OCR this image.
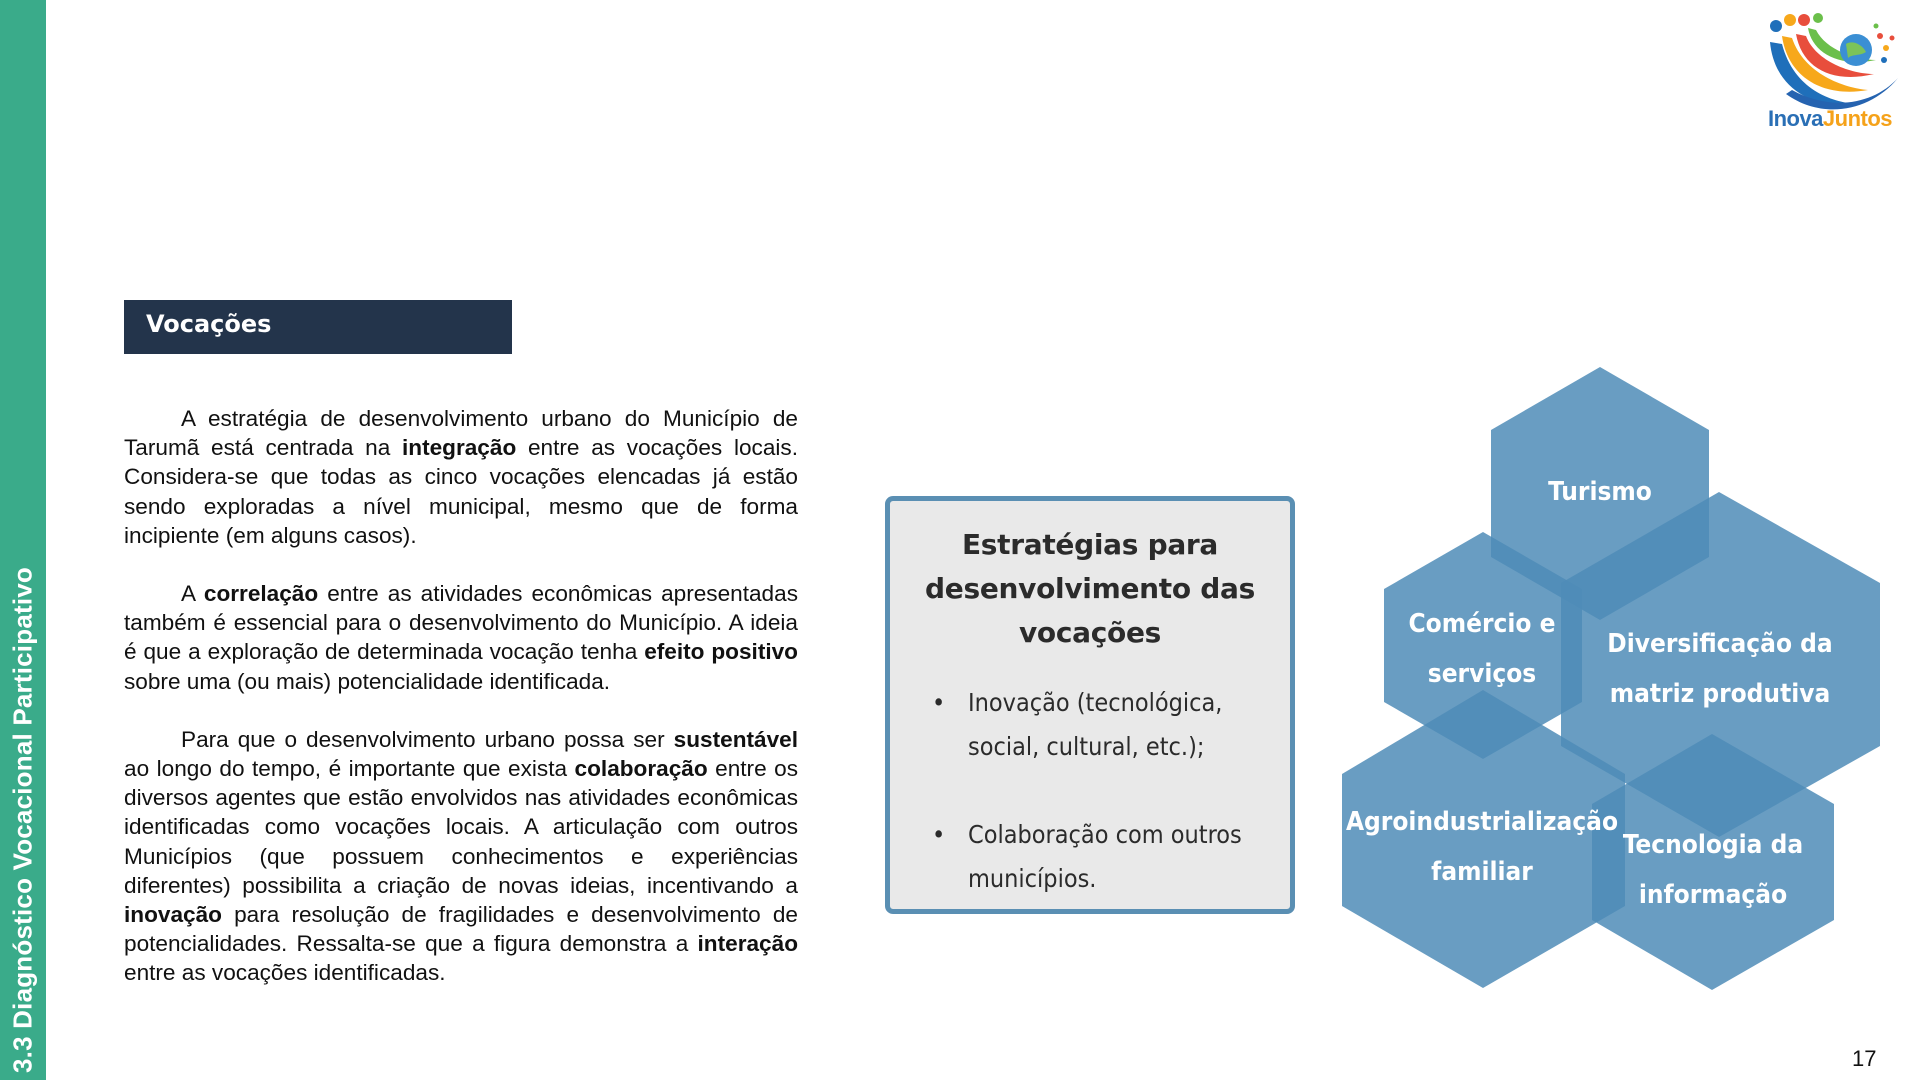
3.3 Diagnóstico Vocacional Participativo
InovaJuntos
Vocações

A estratégia de desenvolvimento urbano do Município de Tarumã está centrada na integração entre as vocações locais. Considera-se que todas as cinco vocações elencadas já estão sendo exploradas a nível municipal, mesmo que de forma incipiente (em alguns casos).

A correlação entre as atividades econômicas apresentadas também é essencial para o desenvolvimento do Município. A ideia é que a exploração de determinada vocação tenha efeito positivo sobre uma (ou mais) potencialidade identificada.

Para que o desenvolvimento urbano possa ser sustentável ao longo do tempo, é importante que exista colaboração entre os diversos agentes que estão envolvidos nas atividades econômicas identificadas como vocações locais. A articulação com outros Municípios (que possuem conhecimentos e experiências diferentes) possibilita a criação de novas ideias, incentivando a inovação para resolução de fragilidades e desenvolvimento de potencialidades. Ressalta-se que a figura demonstra a interação entre as vocações identificadas.

Estratégias para desenvolvimento das vocações
• Inovação (tecnológica, social, cultural, etc.);
• Colaboração com outros municípios.
Turismo
Comércio e
serviços
Diversificação da
matriz produtiva
Agroindustrialização
familiar
Tecnologia da
informação
17
